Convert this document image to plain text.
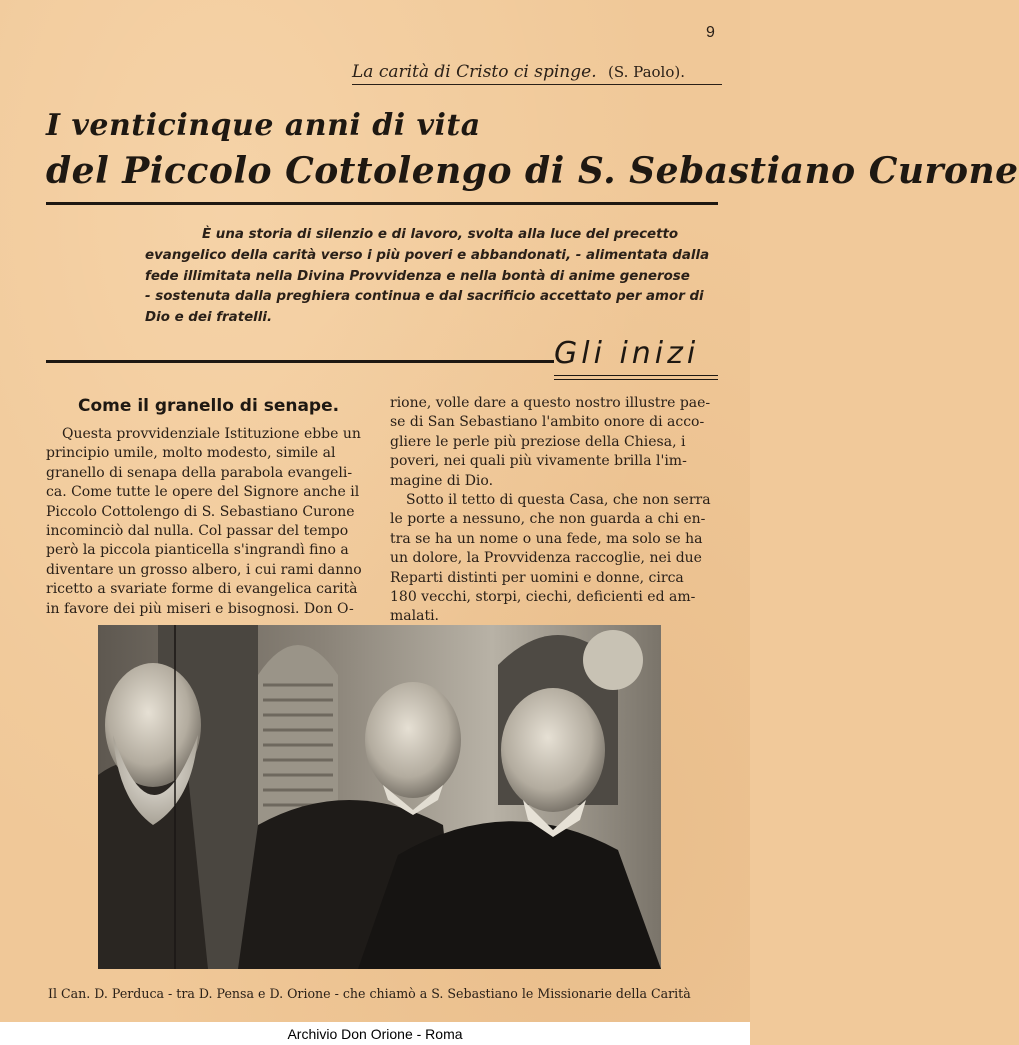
9
La carità di Cristo ci spinge. (S. Paolo).
I venticinque anni di vita
del Piccolo Cottolengo di S. Sebastiano Curone

È una storia di silenzio e di lavoro, svolta alla luce del precetto

evangelico della carità verso i più poveri e abbandonati, - alimentata dalla

fede illimitata nella Divina Provvidenza e nella bontà di anime generose

- sostenuta dalla preghiera continua e dal sacrificio accettato per amor di

Dio e dei fratelli.

Gli inizi
Come il granello di senape.

Questa provvidenziale Istituzione ebbe un

principio umile, molto modesto, simile al

granello di senapa della parabola evangeli-

ca. Come tutte le opere del Signore anche il

Piccolo Cottolengo di S. Sebastiano Curone

incominciò dal nulla. Col passar del tempo

però la piccola pianticella s'ingrandì fino a

diventare un grosso albero, i cui rami danno

ricetto a svariate forme di evangelica carità

in favore dei più miseri e bisognosi. Don O-

rione, volle dare a questo nostro illustre pae-

se di San Sebastiano l'ambito onore di acco-

gliere le perle più preziose della Chiesa, i

poveri, nei quali più vivamente brilla l'im-

magine di Dio.

Sotto il tetto di questa Casa, che non serra

le porte a nessuno, che non guarda a chi en-

tra se ha un nome o una fede, ma solo se ha

un dolore, la Provvidenza raccoglie, nei due

Reparti distinti per uomini e donne, circa

180 vecchi, storpi, ciechi, deficienti ed am-

malati.

Il Can. D. Perduca - tra D. Pensa e D. Orione - che chiamò a S. Sebastiano le Missionarie della Carità
Archivio Don Orione - Roma
